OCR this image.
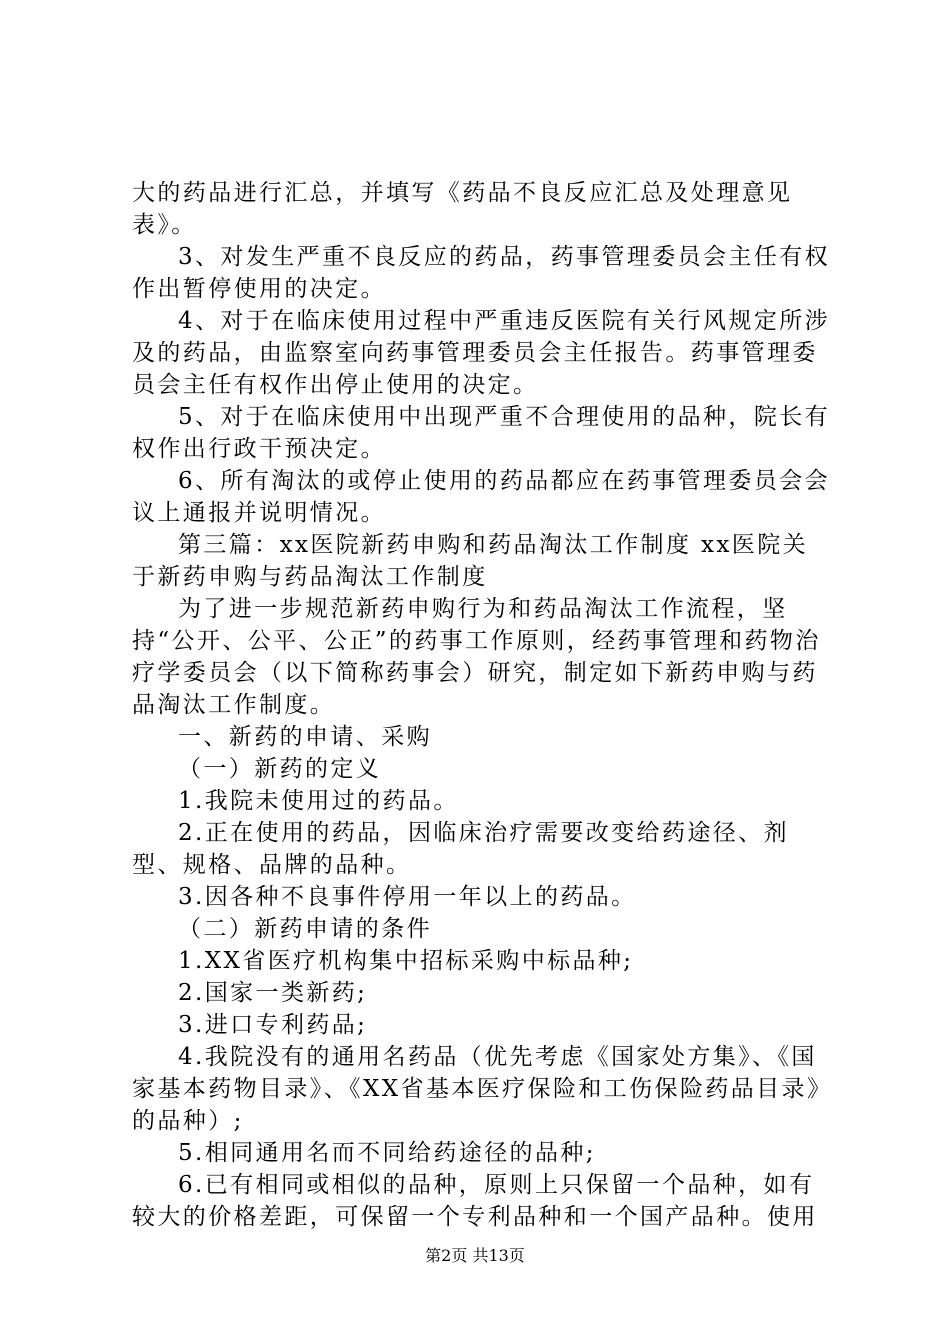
大的药品进行汇总，并填写《药品不良反应汇总及处理意见表》。

3、对发生严重不良反应的药品，药事管理委员会主任有权作出暂停使用的决定。

4、对于在临床使用过程中严重违反医院有关行风规定所涉及的药品，由监察室向药事管理委员会主任报告。药事管理委员会主任有权作出停止使用的决定。

5、对于在临床使用中出现严重不合理使用的品种，院长有权作出行政干预决定。

6、所有淘汰的或停止使用的药品都应在药事管理委员会会议上通报并说明情况。

第三篇：xx医院新药申购和药品淘汰工作制度 xx医院关于新药申购与药品淘汰工作制度

为了进一步规范新药申购行为和药品淘汰工作流程，坚持“公开、公平、公正”的药事工作原则，经药事管理和药物治疗学委员会（以下简称药事会）研究，制定如下新药申购与药品淘汰工作制度。

一、新药的申请、采购

（一）新药的定义

1.我院未使用过的药品。

2.正在使用的药品，因临床治疗需要改变给药途径、剂型、规格、品牌的品种。

3.因各种不良事件停用一年以上的药品。

（二）新药申请的条件

1.XX省医疗机构集中招标采购中标品种;

2.国家一类新药;

3.进口专利药品;

4.我院没有的通用名药品（优先考虑《国家处方集》、《国家基本药物目录》、《XX省基本医疗保险和工伤保险药品目录》的品种）;

5.相同通用名而不同给药途径的品种;

6.已有相同或相似的品种，原则上只保留一个品种，如有较大的价格差距，可保留一个专利品种和一个国产品种。使用

第2页 共13页
